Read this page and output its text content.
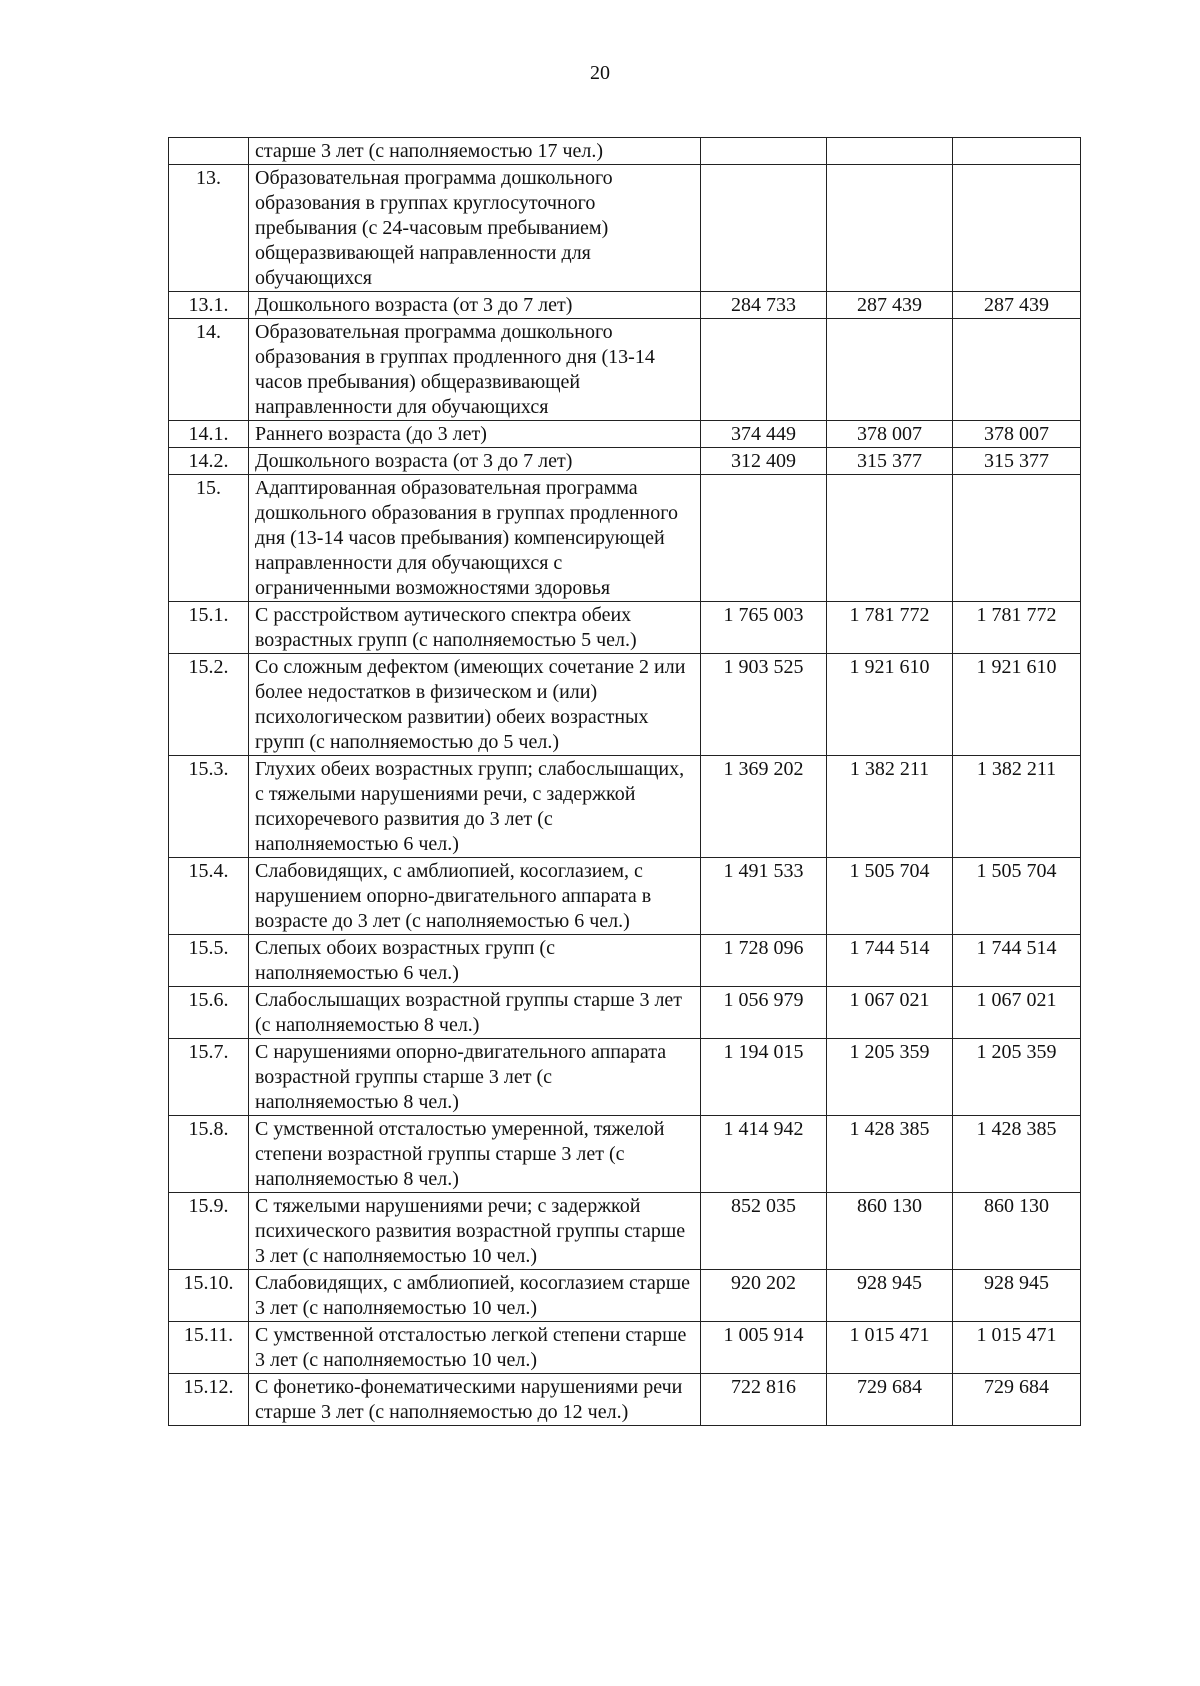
20
	старше 3 лет (с наполняемостью 17 чел.)			
13.	Образовательная программа дошкольного образования в группах круглосуточного пребывания (с 24-часовым пребыванием) общеразвивающей направленности для обучающихся			
13.1.	Дошкольного возраста (от 3 до 7 лет)	284 733	287 439	287 439
14.	Образовательная программа дошкольного образования в группах продленного дня (13-14 часов пребывания) общеразвивающей направленности для обучающихся			
14.1.	Раннего возраста (до 3 лет)	374 449	378 007	378 007
14.2.	Дошкольного возраста (от 3 до 7 лет)	312 409	315 377	315 377
15.	Адаптированная образовательная программа дошкольного образования в группах продленного дня (13-14 часов пребывания) компенсирующей направленности для обучающихся с ограниченными возможностями здоровья			
15.1.	С расстройством аутического спектра обеих возрастных групп (с наполняемостью 5 чел.)	1 765 003	1 781 772	1 781 772
15.2.	Со сложным дефектом (имеющих сочетание 2 или более недостатков в физическом и (или) психологическом развитии) обеих возрастных групп (с наполняемостью до 5 чел.)	1 903 525	1 921 610	1 921 610
15.3.	Глухих обеих возрастных групп; слабослышащих, с тяжелыми нарушениями речи, с задержкой психоречевого развития до 3 лет (с наполняемостью 6 чел.)	1 369 202	1 382 211	1 382 211
15.4.	Слабовидящих, с амблиопией, косоглазием, с нарушением опорно-двигательного аппарата в возрасте до 3 лет (с наполняемостью 6 чел.)	1 491 533	1 505 704	1 505 704
15.5.	Слепых обоих возрастных групп (с наполняемостью 6 чел.)	1 728 096	1 744 514	1 744 514
15.6.	Слабослышащих возрастной группы старше 3 лет (с наполняемостью 8 чел.)	1 056 979	1 067 021	1 067 021
15.7.	С нарушениями опорно-двигательного аппарата возрастной группы старше 3 лет (с наполняемостью 8 чел.)	1 194 015	1 205 359	1 205 359
15.8.	С умственной отсталостью умеренной, тяжелой степени возрастной группы старше 3 лет (с наполняемостью 8 чел.)	1 414 942	1 428 385	1 428 385
15.9.	С тяжелыми нарушениями речи; с задержкой психического развития возрастной группы старше 3 лет (с наполняемостью 10 чел.)	852 035	860 130	860 130
15.10.	Слабовидящих, с амблиопией, косоглазием старше 3 лет (с наполняемостью 10 чел.)	920 202	928 945	928 945
15.11.	С умственной отсталостью легкой степени старше 3 лет (с наполняемостью 10 чел.)	1 005 914	1 015 471	1 015 471
15.12.	С фонетико-фонематическими нарушениями речи старше 3 лет (с наполняемостью до 12 чел.)	722 816	729 684	729 684
